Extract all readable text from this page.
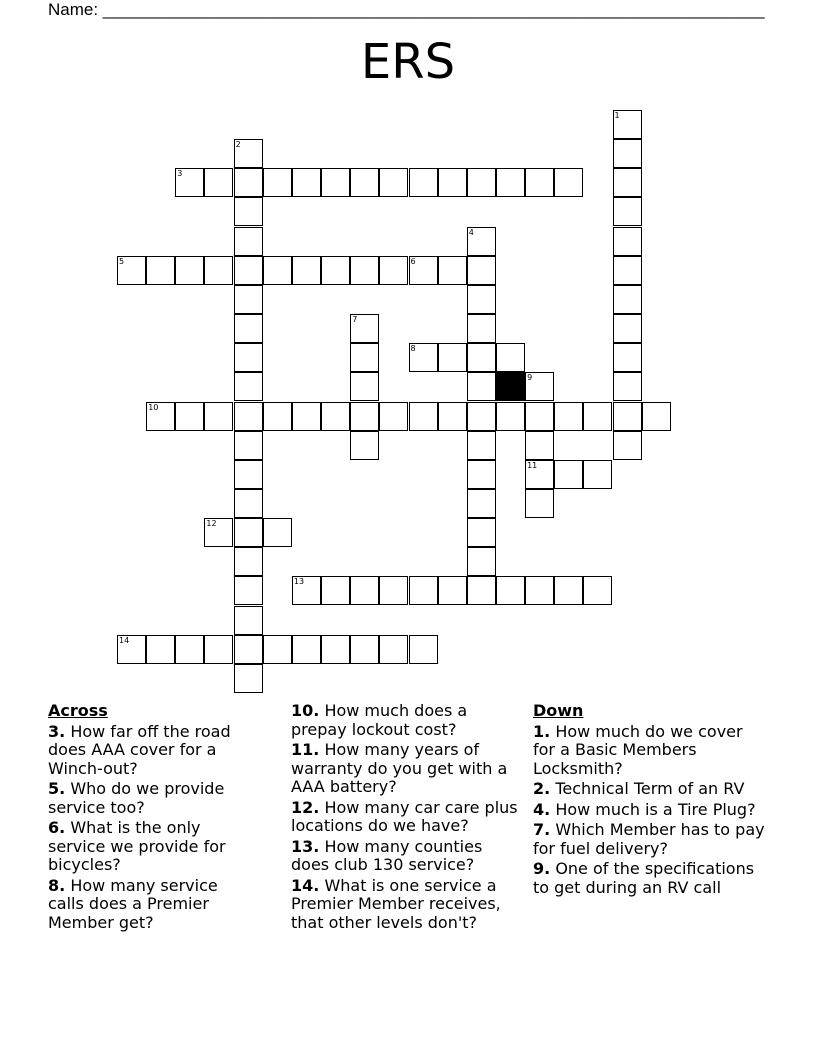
Name: ______________________________________________________________________
ERS
1
2
3
4
5	6
7
8
9
10
11
12
13
14
Across
3. How far off the road does AAA cover for a Winch-out?
5. Who do we provide service too?
6. What is the only service we provide for bicycles?
8. How many service calls does a Premier Member get?
10. How much does a prepay lockout cost?
11. How many years of warranty do you get with a AAA battery?
12. How many car care plus locations do we have?
13. How many counties does club 130 service?
14. What is one service a Premier Member receives, that other levels don't?
Down
1. How much do we cover for a Basic Members Locksmith?
2. Technical Term of an RV
4. How much is a Tire Plug?
7. Which Member has to pay for fuel delivery?
9. One of the specifications to get during an RV call
